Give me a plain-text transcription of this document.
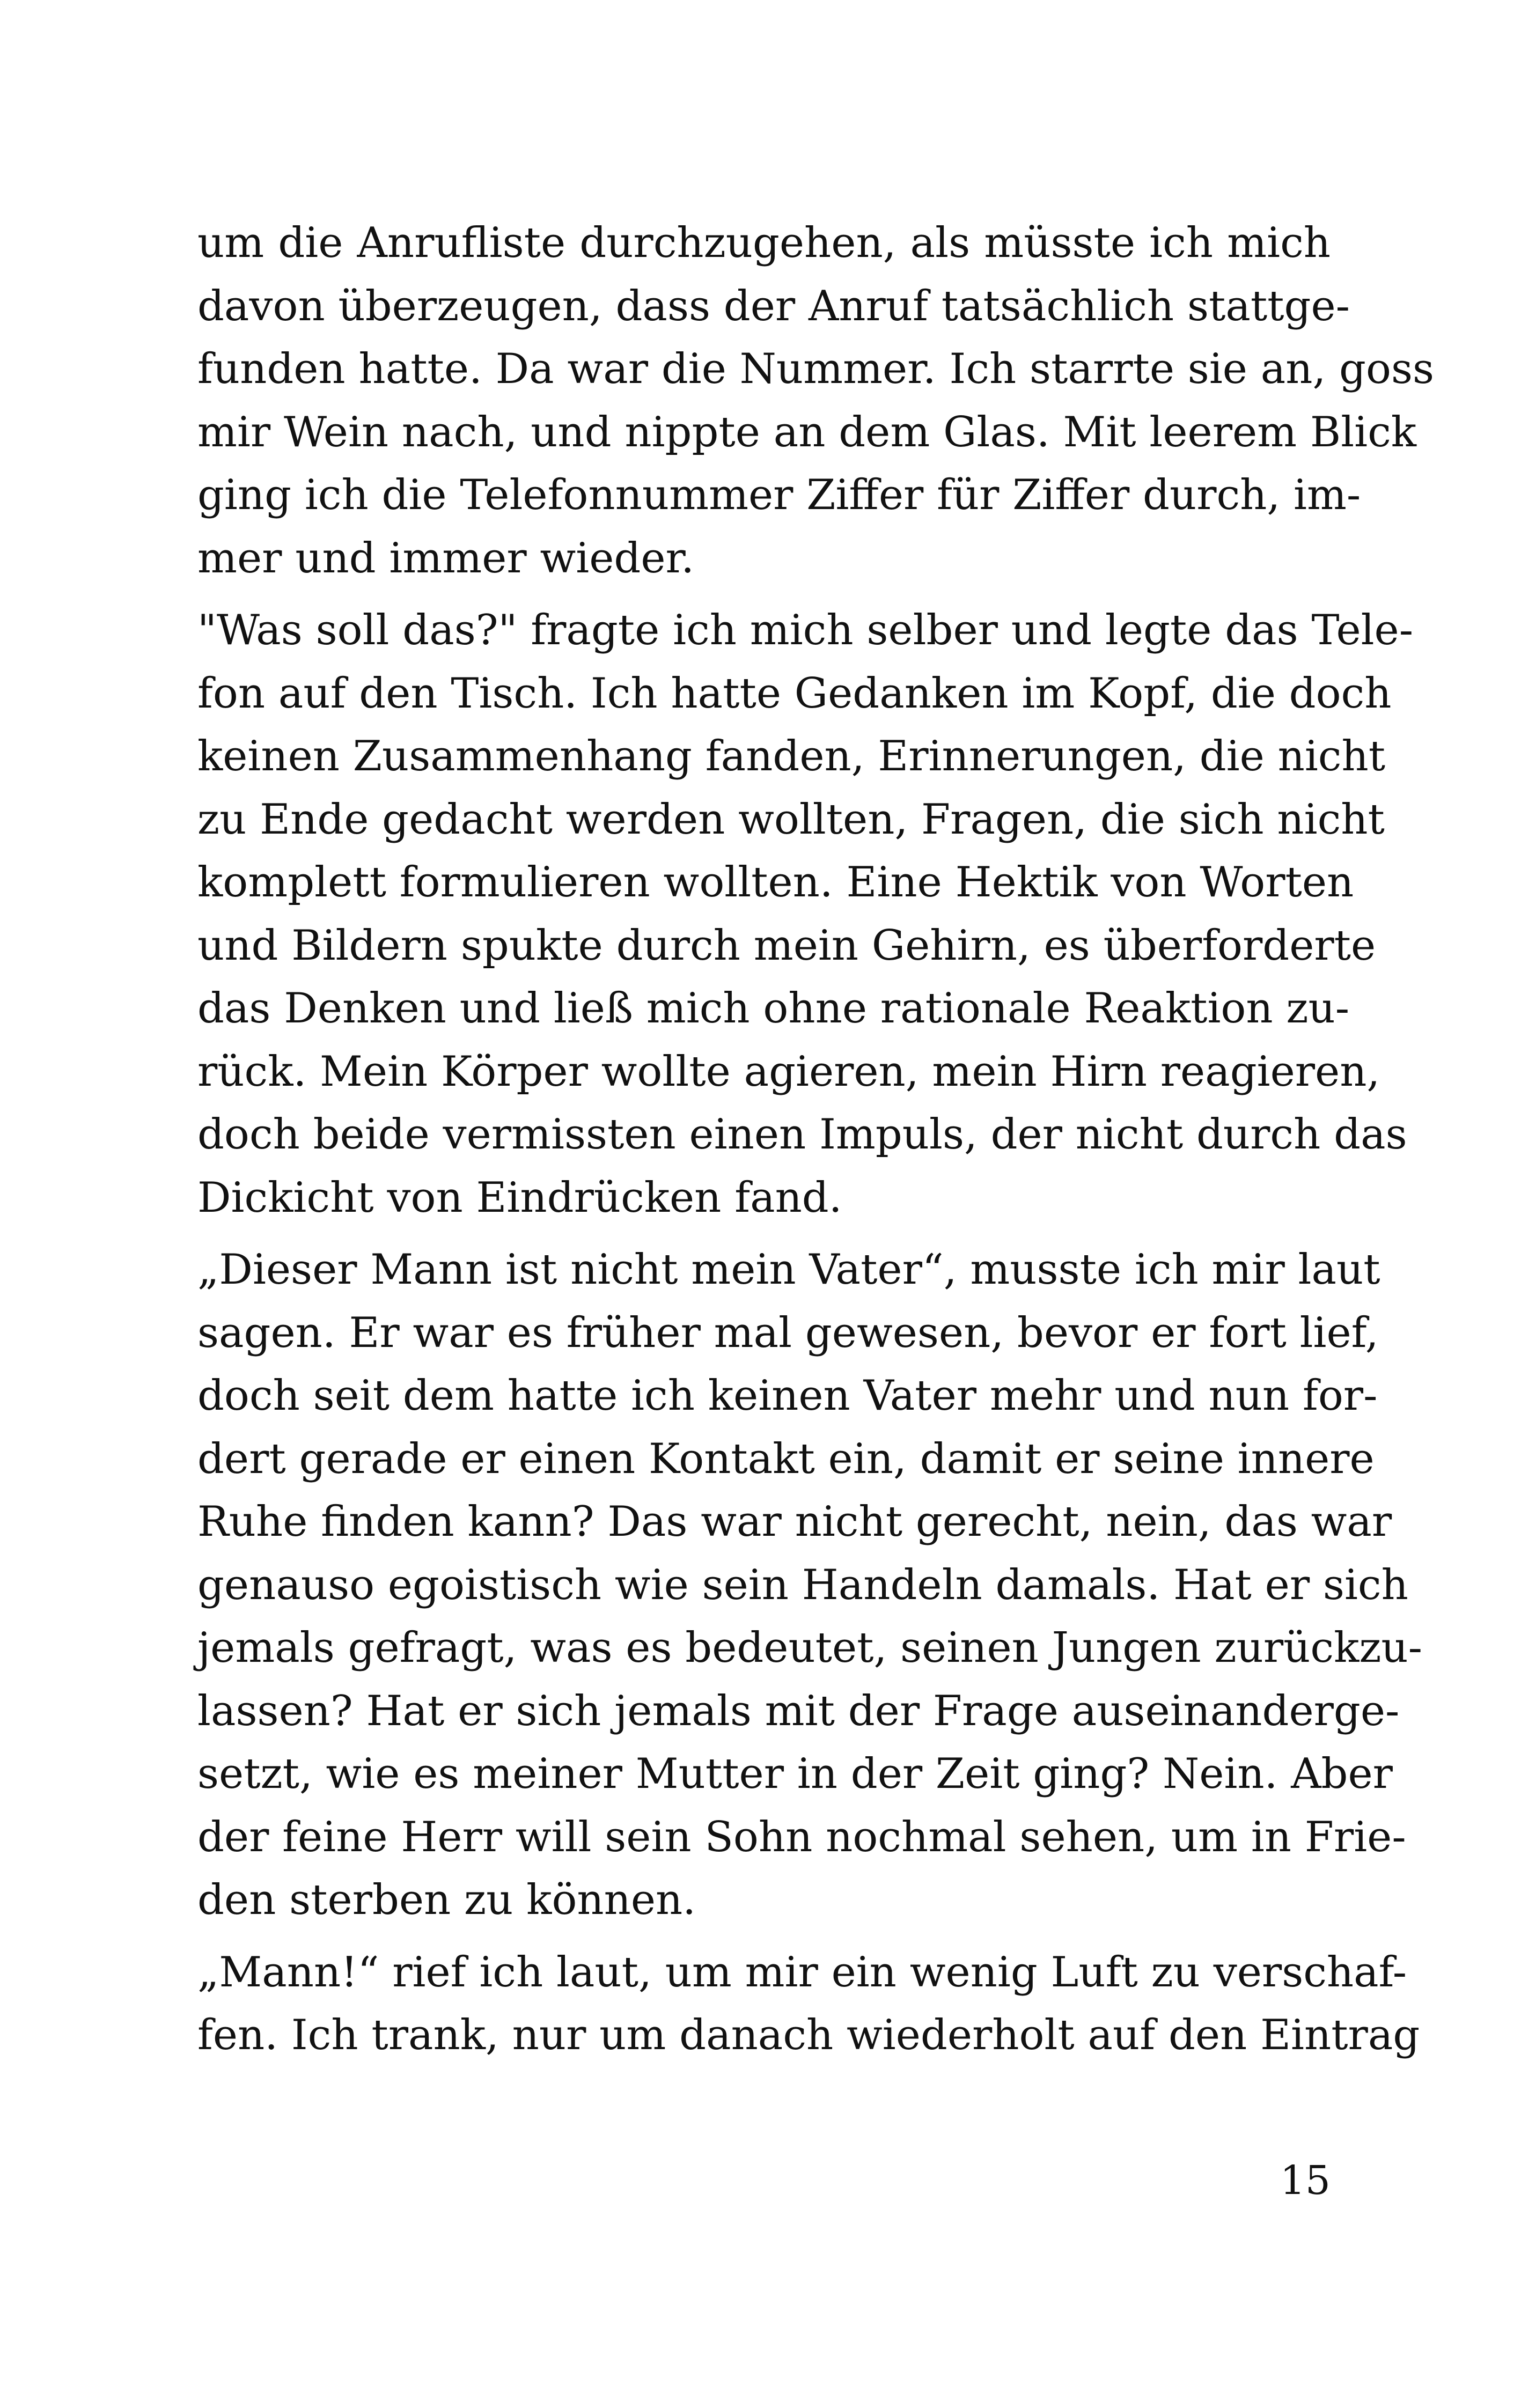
um die Anrufliste durchzugehen, als müsste ich mich
davon überzeugen, dass der Anruf tatsächlich stattge-
funden hatte. Da war die Nummer. Ich starrte sie an, goss
mir Wein nach, und nippte an dem Glas. Mit leerem Blick
ging ich die Telefonnummer Ziffer für Ziffer durch, im-
mer und immer wieder.

"Was soll das?" fragte ich mich selber und legte das Tele-
fon auf den Tisch. Ich hatte Gedanken im Kopf, die doch
keinen Zusammenhang fanden, Erinnerungen, die nicht
zu Ende gedacht werden wollten, Fragen, die sich nicht
komplett formulieren wollten. Eine Hektik von Worten
und Bildern spukte durch mein Gehirn, es überforderte
das Denken und ließ mich ohne rationale Reaktion zu-
rück. Mein Körper wollte agieren, mein Hirn reagieren,
doch beide vermissten einen Impuls, der nicht durch das
Dickicht von Eindrücken fand.

„Dieser Mann ist nicht mein Vater“, musste ich mir laut
sagen. Er war es früher mal gewesen, bevor er fort lief,
doch seit dem hatte ich keinen Vater mehr und nun for-
dert gerade er einen Kontakt ein, damit er seine innere
Ruhe finden kann? Das war nicht gerecht, nein, das war
genauso egoistisch wie sein Handeln damals. Hat er sich
jemals gefragt, was es bedeutet, seinen Jungen zurückzu-
lassen? Hat er sich jemals mit der Frage auseinanderge-
setzt, wie es meiner Mutter in der Zeit ging? Nein. Aber
der feine Herr will sein Sohn nochmal sehen, um in Frie-
den sterben zu können.

„Mann!“ rief ich laut, um mir ein wenig Luft zu verschaf-
fen. Ich trank, nur um danach wiederholt auf den Eintrag

15
